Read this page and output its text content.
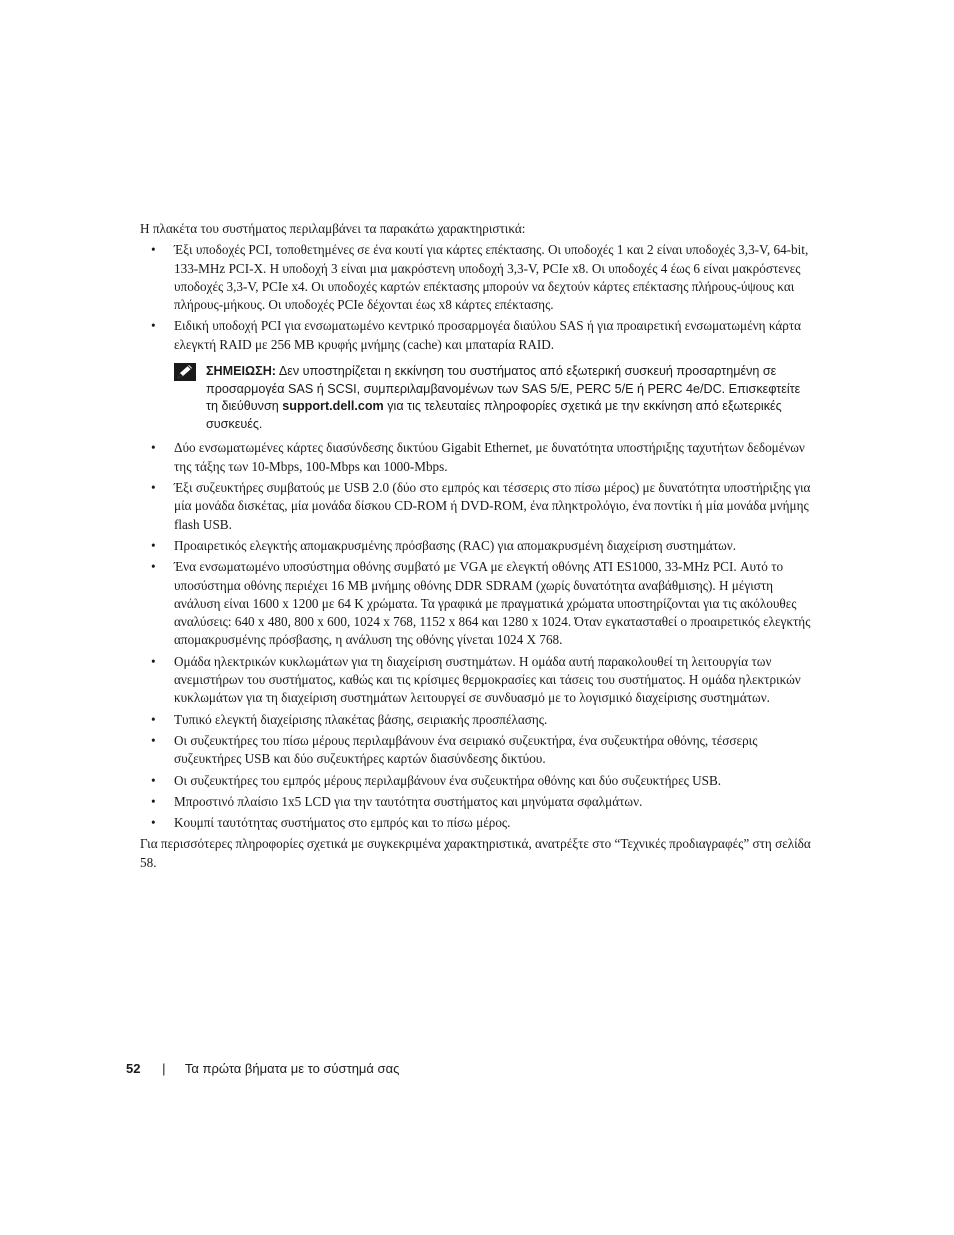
Η πλακέτα του συστήματος περιλαμβάνει τα παρακάτω χαρακτηριστικά:

• Έξι υποδοχές PCI, τοποθετημένες σε ένα κουτί για κάρτες επέκτασης. Οι υποδοχές 1 και 2 είναι υποδοχές 3,3-V, 64-bit, 133-MHz PCI-X. Η υποδοχή 3 είναι μια μακρόστενη υποδοχή 3,3-V, PCIe x8. Οι υποδοχές 4 έως 6 είναι μακρόστενες υποδοχές 3,3-V, PCIe x4. Οι υποδοχές καρτών επέκτασης μπορούν να δεχτούν κάρτες επέκτασης πλήρους-ύψους και πλήρους-μήκους. Οι υποδοχές PCIe δέχονται έως x8 κάρτες επέκτασης.
• Ειδική υποδοχή PCI για ενσωματωμένο κεντρικό προσαρμογέα διαύλου SAS ή για προαιρετική ενσωματωμένη κάρτα ελεγκτή RAID με 256 MB κρυφής μνήμης (cache) και μπαταρία RAID.
ΣΗΜΕΙΩΣΗ: Δεν υποστηρίζεται η εκκίνηση του συστήματος από εξωτερική συσκευή προσαρτημένη σε προσαρμογέα SAS ή SCSI, συμπεριλαμβανομένων των SAS 5/E, PERC 5/E ή PERC 4e/DC. Επισκεφτείτε τη διεύθυνση support.dell.com για τις τελευταίες πληροφορίες σχετικά με την εκκίνηση από εξωτερικές συσκευές.
• Δύο ενσωματωμένες κάρτες διασύνδεσης δικτύου Gigabit Ethernet, με δυνατότητα υποστήριξης ταχυτήτων δεδομένων της τάξης των 10-Mbps, 100-Mbps και 1000-Mbps.
• Έξι συζευκτήρες συμβατούς με USB 2.0 (δύο στο εμπρός και τέσσερις στο πίσω μέρος) με δυνατότητα υποστήριξης για μία μονάδα δισκέτας, μία μονάδα δίσκου CD-ROM ή DVD-ROM, ένα πληκτρολόγιο, ένα ποντίκι ή μία μονάδα μνήμης flash USB.
• Προαιρετικός ελεγκτής απομακρυσμένης πρόσβασης (RAC) για απομακρυσμένη διαχείριση συστημάτων.
• Ένα ενσωματωμένο υποσύστημα οθόνης συμβατό με VGA με ελεγκτή οθόνης ATI ES1000, 33-MHz PCI. Αυτό το υποσύστημα οθόνης περιέχει 16 MB μνήμης οθόνης DDR SDRAM (χωρίς δυνατότητα αναβάθμισης). Η μέγιστη ανάλυση είναι 1600 x 1200 με 64 K χρώματα. Τα γραφικά με πραγματικά χρώματα υποστηρίζονται για τις ακόλουθες αναλύσεις: 640 x 480, 800 x 600, 1024 x 768, 1152 x 864 και 1280 x 1024. Όταν εγκατασταθεί ο προαιρετικός ελεγκτής απομακρυσμένης πρόσβασης, η ανάλυση της οθόνης γίνεται 1024 X 768.
• Ομάδα ηλεκτρικών κυκλωμάτων για τη διαχείριση συστημάτων. Η ομάδα αυτή παρακολουθεί τη λειτουργία των ανεμιστήρων του συστήματος, καθώς και τις κρίσιμες θερμοκρασίες και τάσεις του συστήματος. Η ομάδα ηλεκτρικών κυκλωμάτων για τη διαχείριση συστημάτων λειτουργεί σε συνδυασμό με το λογισμικό διαχείρισης συστημάτων.
• Τυπικό ελεγκτή διαχείρισης πλακέτας βάσης, σειριακής προσπέλασης.
• Οι συζευκτήρες του πίσω μέρους περιλαμβάνουν ένα σειριακό συζευκτήρα, ένα συζευκτήρα οθόνης, τέσσερις συζευκτήρες USB και δύο συζευκτήρες καρτών διασύνδεσης δικτύου.
• Οι συζευκτήρες του εμπρός μέρους περιλαμβάνουν ένα συζευκτήρα οθόνης και δύο συζευκτήρες USB.
• Μπροστινό πλαίσιο 1x5 LCD για την ταυτότητα συστήματος και μηνύματα σφαλμάτων.
• Κουμπί ταυτότητας συστήματος στο εμπρός και το πίσω μέρος.

Για περισσότερες πληροφορίες σχετικά με συγκεκριμένα χαρακτηριστικά, ανατρέξτε στο “Τεχνικές προδιαγραφές” στη σελίδα 58.

52 | Τα πρώτα βήματα με το σύστημά σας
